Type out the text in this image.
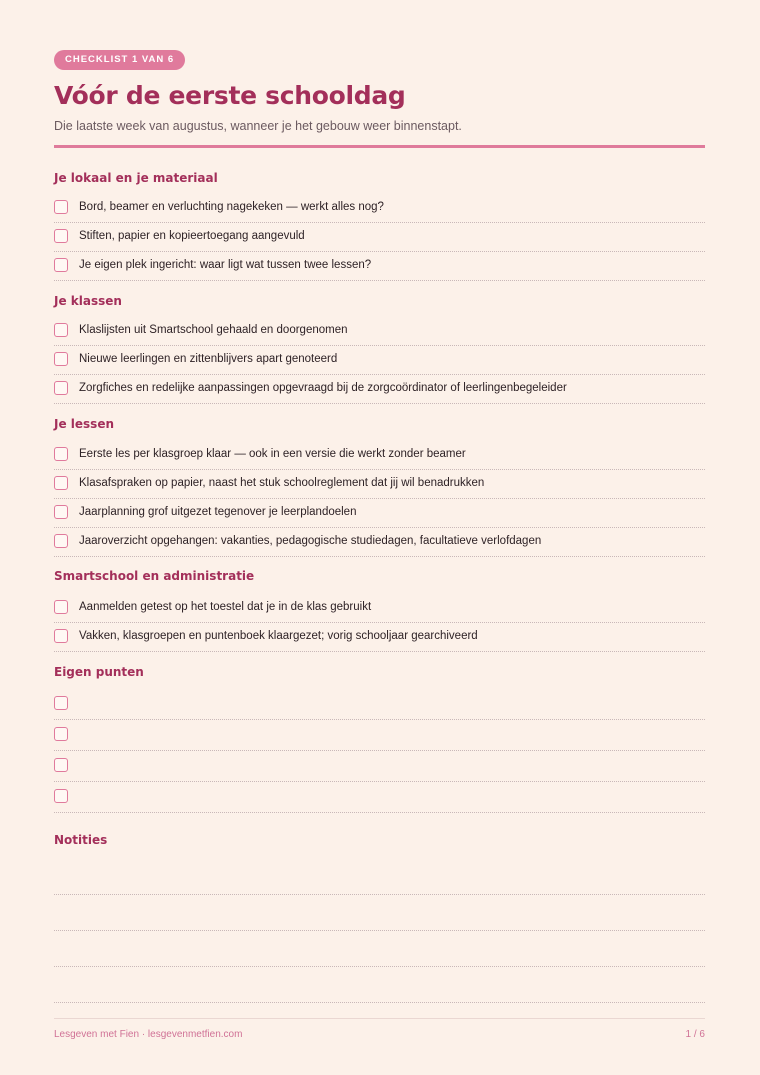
CHECKLIST 1 VAN 6
Vóór de eerste schooldag
Die laatste week van augustus, wanneer je het gebouw weer binnenstapt.
Je lokaal en je materiaal
Bord, beamer en verluchting nagekeken — werkt alles nog?
Stiften, papier en kopieertoegang aangevuld
Je eigen plek ingericht: waar ligt wat tussen twee lessen?
Je klassen
Klaslijsten uit Smartschool gehaald en doorgenomen
Nieuwe leerlingen en zittenblijvers apart genoteerd
Zorgfiches en redelijke aanpassingen opgevraagd bij de zorgcoördinator of leerlingenbegeleider
Je lessen
Eerste les per klasgroep klaar — ook in een versie die werkt zonder beamer
Klasafspraken op papier, naast het stuk schoolreglement dat jij wil benadrukken
Jaarplanning grof uitgezet tegenover je leerplandoelen
Jaaroverzicht opgehangen: vakanties, pedagogische studiedagen, facultatieve verlofdagen
Smartschool en administratie
Aanmelden getest op het toestel dat je in de klas gebruikt
Vakken, klasgroepen en puntenboek klaargezet; vorig schooljaar gearchiveerd
Eigen punten
Notities
Lesgeven met Fien · lesgevenmetfien.com	1 / 6
